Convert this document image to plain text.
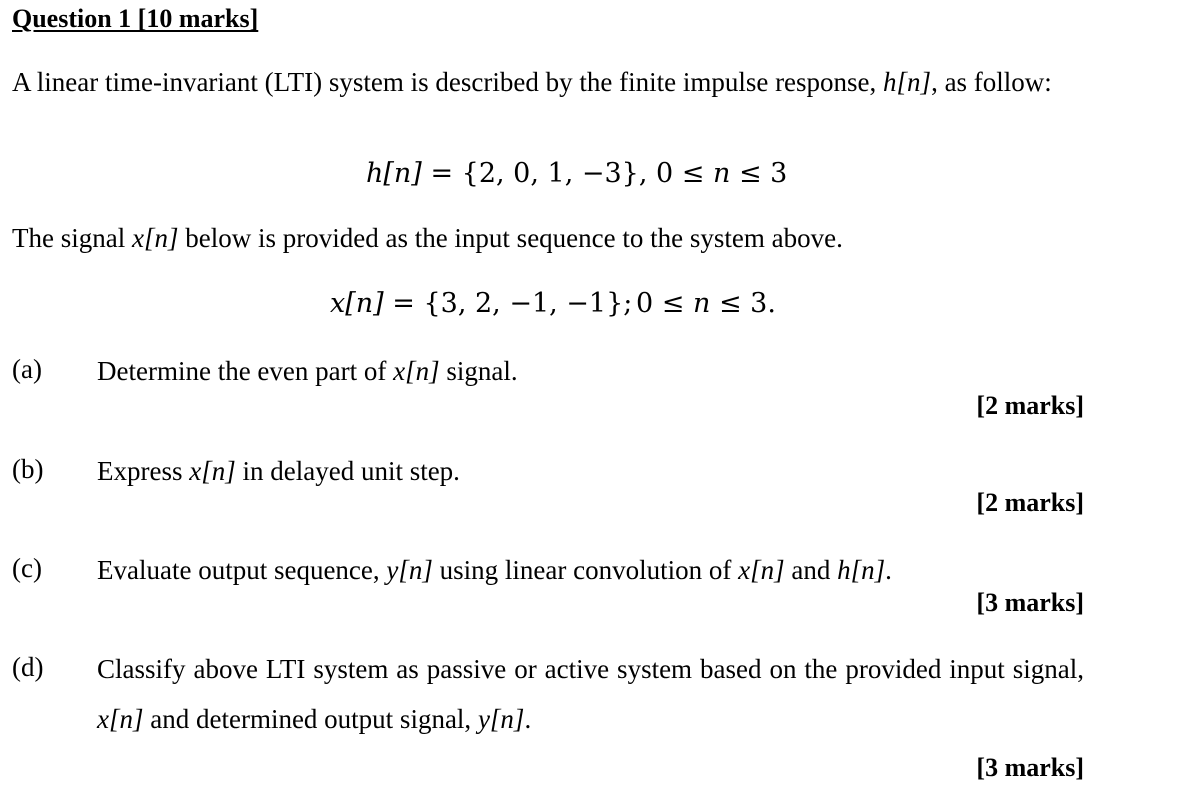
Question 1 [10 marks]
A linear time-invariant (LTI) system is described by the finite impulse response, h[n], as follow:
h[n] = {2, 0, 1, −3}, 0 ≤ n ≤ 3
The signal x[n] below is provided as the input sequence to the system above.
x[n] = {3, 2, −1, −1}; 0 ≤ n ≤ 3.
(a) Determine the even part of x[n] signal.
[2 marks]
(b) Express x[n] in delayed unit step.
[2 marks]
(c) Evaluate output sequence, y[n] using linear convolution of x[n] and h[n].
[3 marks]
(d) Classify above LTI system as passive or active system based on the provided input signal, x[n] and determined output signal, y[n].
[3 marks]
